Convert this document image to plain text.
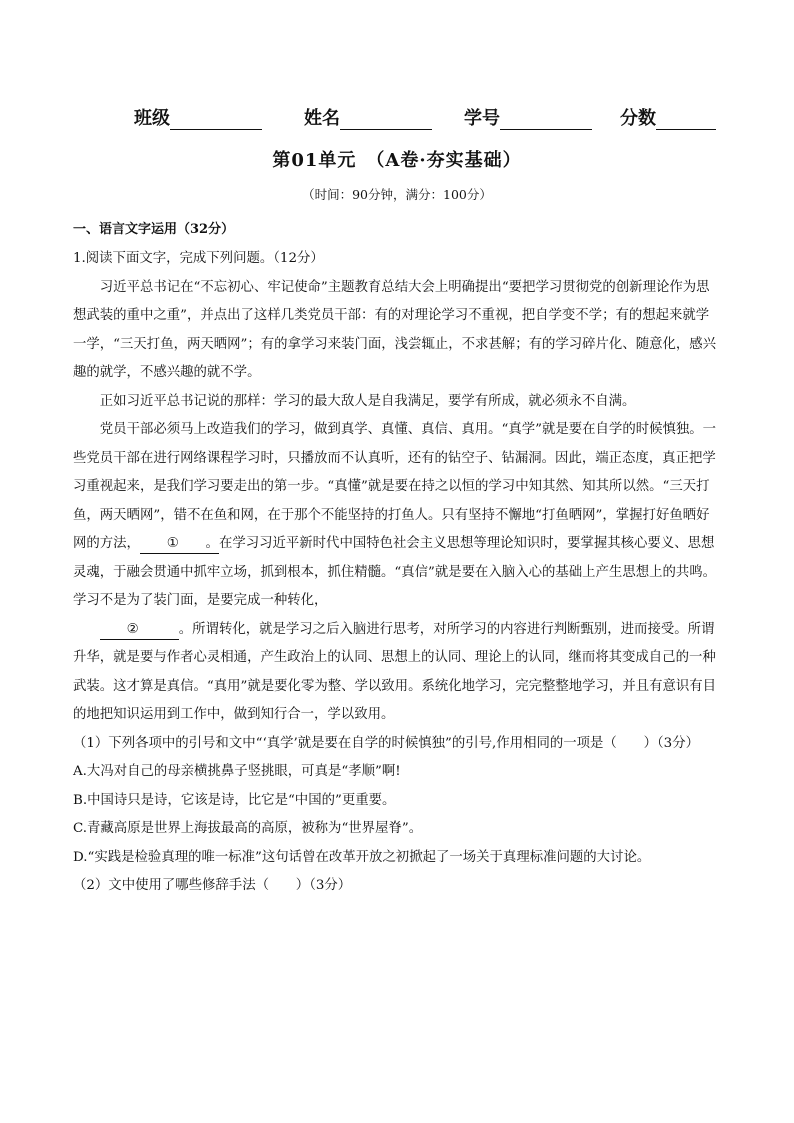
班级	姓名	学号	分数
第01单元　（A卷·夯实基础）
（时间：90分钟，满分：100分）
一、语言文字运用（32分）

1.阅读下面文字，完成下列问题。（12分）

习近平总书记在“不忘初心、牢记使命”主题教育总结大会上明确提出“要把学习贯彻党的创新理论作为思想武装的重中之重”，并点出了这样几类党员干部：有的对理论学习不重视，把自学变不学；有的想起来就学一学，“三天打鱼，两天晒网”；有的拿学习来装门面，浅尝辄止，不求甚解；有的学习碎片化、随意化，感兴趣的就学，不感兴趣的就不学。

正如习近平总书记说的那样：学习的最大敌人是自我满足，要学有所成，就必须永不自满。

党员干部必须马上改造我们的学习，做到真学、真懂、真信、真用。“真学”就是要在自学的时候慎独。一些党员干部在进行网络课程学习时，只播放而不认真听，还有的钻空子、钻漏洞。因此，端正态度，真正把学习重视起来，是我们学习要走出的第一步。“真懂”就是要在持之以恒的学习中知其然、知其所以然。“三天打鱼，两天晒网”，错不在鱼和网，在于那个不能坚持的打鱼人。只有坚持不懈地“打鱼晒网”，掌握打好鱼晒好网的方法， ①　　。在学习习近平新时代中国特色社会主义思想等理论知识时，要掌握其核心要义、思想灵魂，于融会贯通中抓牢立场，抓到根本，抓住精髓。“真信”就是要在入脑入心的基础上产生思想上的共鸣。学习不是为了装门面，是要完成一种转化，

②　　　。所谓转化，就是学习之后入脑进行思考，对所学习的内容进行判断甄别，进而接受。所谓升华，就是要与作者心灵相通，产生政治上的认同、思想上的认同、理论上的认同，继而将其变成自己的一种武装。这才算是真信。“真用”就是要化零为整、学以致用。系统化地学习，完完整整地学习，并且有意识有目的地把知识运用到工作中，做到知行合一，学以致用。

（1）下列各项中的引号和文中“‘真学’就是要在自学的时候慎独”的引号,作用相同的一项是（　　）（3分）

A.大冯对自己的母亲横挑鼻子竖挑眼，可真是“孝顺”啊!

B.中国诗只是诗，它该是诗，比它是“中国的”更重要。

C.青藏高原是世界上海拔最高的高原，被称为“世界屋脊”。

D.“实践是检验真理的唯一标准”这句话曾在改革开放之初掀起了一场关于真理标准问题的大讨论。

（2）文中使用了哪些修辞手法（　　）（3分）
